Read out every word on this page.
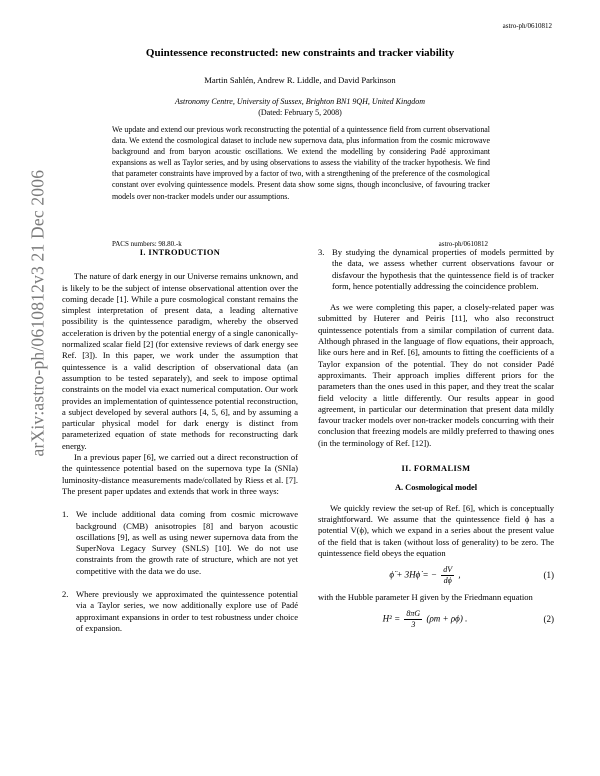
astro-ph/0610812
arXiv:astro-ph/0610812v3 21 Dec 2006
Quintessence reconstructed: new constraints and tracker viability
Martin Sahlén, Andrew R. Liddle, and David Parkinson
Astronomy Centre, University of Sussex, Brighton BN1 9QH, United Kingdom
(Dated: February 5, 2008)
We update and extend our previous work reconstructing the potential of a quintessence field from current observational data. We extend the cosmological dataset to include new supernova data, plus information from the cosmic microwave background and from baryon acoustic oscillations. We extend the modelling by considering Padé approximant expansions as well as Taylor series, and by using observations to assess the viability of the tracker hypothesis. We find that parameter constraints have improved by a factor of two, with a strengthening of the preference of the cosmological constant over evolving quintessence models. Present data show some signs, though inconclusive, of favouring tracker models over non-tracker models under our assumptions.
PACS numbers: 98.80.-k	astro-ph/0610812
I. INTRODUCTION

The nature of dark energy in our Universe remains unknown, and is likely to be the subject of intense observational attention over the coming decade [1]. While a pure cosmological constant remains the simplest interpretation of present data, a leading alternative possibility is the quintessence paradigm, whereby the observed acceleration is driven by the potential energy of a single canonically-normalized scalar field [2] (for extensive reviews of dark energy see Ref. [3]). In this paper, we work under the assumption that quintessence is a valid description of observational data (an assumption to be tested separately), and seek to impose optimal constraints on the model via exact numerical computation. Our work provides an implementation of quintessence potential reconstruction, a subject developed by several authors [4, 5, 6], and by assuming a particular physical model for dark energy is distinct from parameterized equation of state methods for reconstructing dark energy.

In a previous paper [6], we carried out a direct reconstruction of the quintessence potential based on the supernova type Ia (SNIa) luminosity-distance measurements made/collated by Riess et al. [7]. The present paper updates and extends that work in three ways:

1. We include additional data coming from cosmic microwave background (CMB) anisotropies [8] and baryon acoustic oscillations [9], as well as using newer supernova data from the SuperNova Legacy Survey (SNLS) [10]. We do not use constraints from the growth rate of structure, which are not yet competitive with the data we do use.
2. Where previously we approximated the quintessence potential via a Taylor series, we now additionally explore use of Padé approximant expansions in order to test robustness under choice of expansion.
3. By studying the dynamical properties of models permitted by the data, we assess whether current observations favour or disfavour the hypothesis that the quintessence field is of tracker form, hence potentially addressing the coincidence problem.

As we were completing this paper, a closely-related paper was submitted by Huterer and Peiris [11], who also reconstruct quintessence potentials from a similar compilation of current data. Although phrased in the language of flow equations, their approach, like ours here and in Ref. [6], amounts to fitting the coefficients of a Taylor expansion of the potential. They do not consider Padé approximants. Their approach implies different priors for the parameters than the ones used in this paper, and they treat the scalar field velocity a little differently. Our results appear in good agreement, in particular our determination that present data mildly favour tracker models over non-tracker models concurring with their conclusion that freezing models are mildly preferred to thawing ones (in the terminology of Ref. [12]).

II. FORMALISM
A. Cosmological model

We quickly review the set-up of Ref. [6], which is conceptually straightforward. We assume that the quintessence field ϕ has a potential V(ϕ), which we expand in a series about the present value of the field that is taken (without loss of generality) to be zero. The quintessence field obeys the equation

ϕ̈ + 3Hϕ̇ = − $\frac{dV}{d\phi}$ ,	(1)

with the Hubble parameter H given by the Friedmann equation

$H^2 = \frac{8\pi G}{3} (\rho m + \rho\phi)$ .	(2)
